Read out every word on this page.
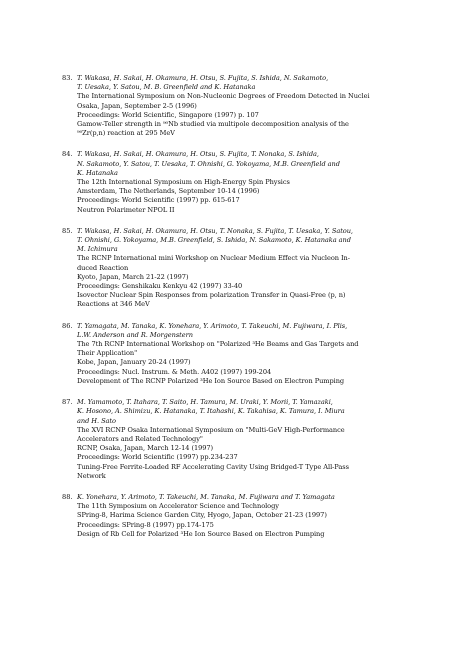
83. T. Wakasa, H. Sakai, H. Okamura, H. Otsu, S. Fujita, S. Ishida, N. Sakamoto,
T. Uesaka, Y. Satou, M. B. Greenfield and K. Hatanaka
The International Symposium on Non-Nucleonic Degrees of Freedom Detected in Nuclei
Osaka, Japan, September 2-5 (1996)
Proceedings: World Scientific, Singapore (1997) p. 107
Gamow-Teller strength in ⁹⁰Nb studied via multipole decomposition analysis of the
⁹⁰Zr(p,n) reaction at 295 MeV
84. T. Wakasa, H. Sakai, H. Okamura, H. Otsu, S. Fujita, T. Nonaka, S. Ishida,
N. Sakamoto, Y. Satou, T. Uesaka, T. Ohnishi, G. Yokoyama, M.B. Greenfield and
K. Hatanaka
The 12th International Symposium on High-Energy Spin Physics
Amsterdam, The Netherlands, September 10-14 (1996)
Proceedings: World Scientific (1997) pp. 615-617
Neutron Polarimeter NPOL II
85. T. Wakasa, H. Sakai, H. Okamura, H. Otsu, T. Nonaka, S. Fujita, T. Uesaka, Y. Satou,
T. Ohnishi, G. Yokoyama, M.B. Greenfield, S. Ishida, N. Sakamoto, K. Hatanaka and
M. Ichimura
The RCNP International mini Workshop on Nuclear Medium Effect via Nucleon In-
duced Reaction
Kyoto, Japan, March 21-22 (1997)
Proceedings: Genshikaku Kenkyu 42 (1997) 33-40
Isovector Nuclear Spin Responses from polarization Transfer in Quasi-Free (p, n)
Reactions at 346 MeV
86. T. Yamagata, M. Tanaka, K. Yonehara, Y. Arimoto, T. Takeuchi, M. Fujiwara, I. Plis,
L.W. Anderson and R. Morgenstern
The 7th RCNP International Workshop on "Polarized ³He Beams and Gas Targets and
Their Application"
Kobe, Japan, January 20-24 (1997)
Proceedings: Nucl. Instrum. & Meth. A402 (1997) 199-204
Development of The RCNP Polarized ³He Ion Source Based on Electron Pumping
87. M. Yamamoto, T. Itahara, T. Saito, H. Tamura, M. Uraki, Y. Morii, T. Yamazaki,
K. Hosono, A. Shimizu, K. Hatanaka, T. Itahashi, K. Takahisa, K. Tamura, I. Miura
and H. Sato
The XVI RCNP Osaka International Symposium on "Multi-GeV High-Performance
Accelerators and Related Technology"
RCNP, Osaka, Japan, March 12-14 (1997)
Proceedings: World Scientific (1997) pp.234-237
Tuning-Free Ferrite-Loaded RF Accelerating Cavity Using Bridged-T Type All-Pass
Network
88. K. Yonehara, Y. Arimoto, T. Takeuchi, M. Tanaka, M. Fujiwara and T. Yamagata
The 11th Symposium on Accelerator Science and Technology
SPring-8, Harima Science Garden City, Hyogo, Japan, October 21-23 (1997)
Proceedings: SPring-8 (1997) pp.174-175
Design of Rb Cell for Polarized ³He Ion Source Based on Electron Pumping
